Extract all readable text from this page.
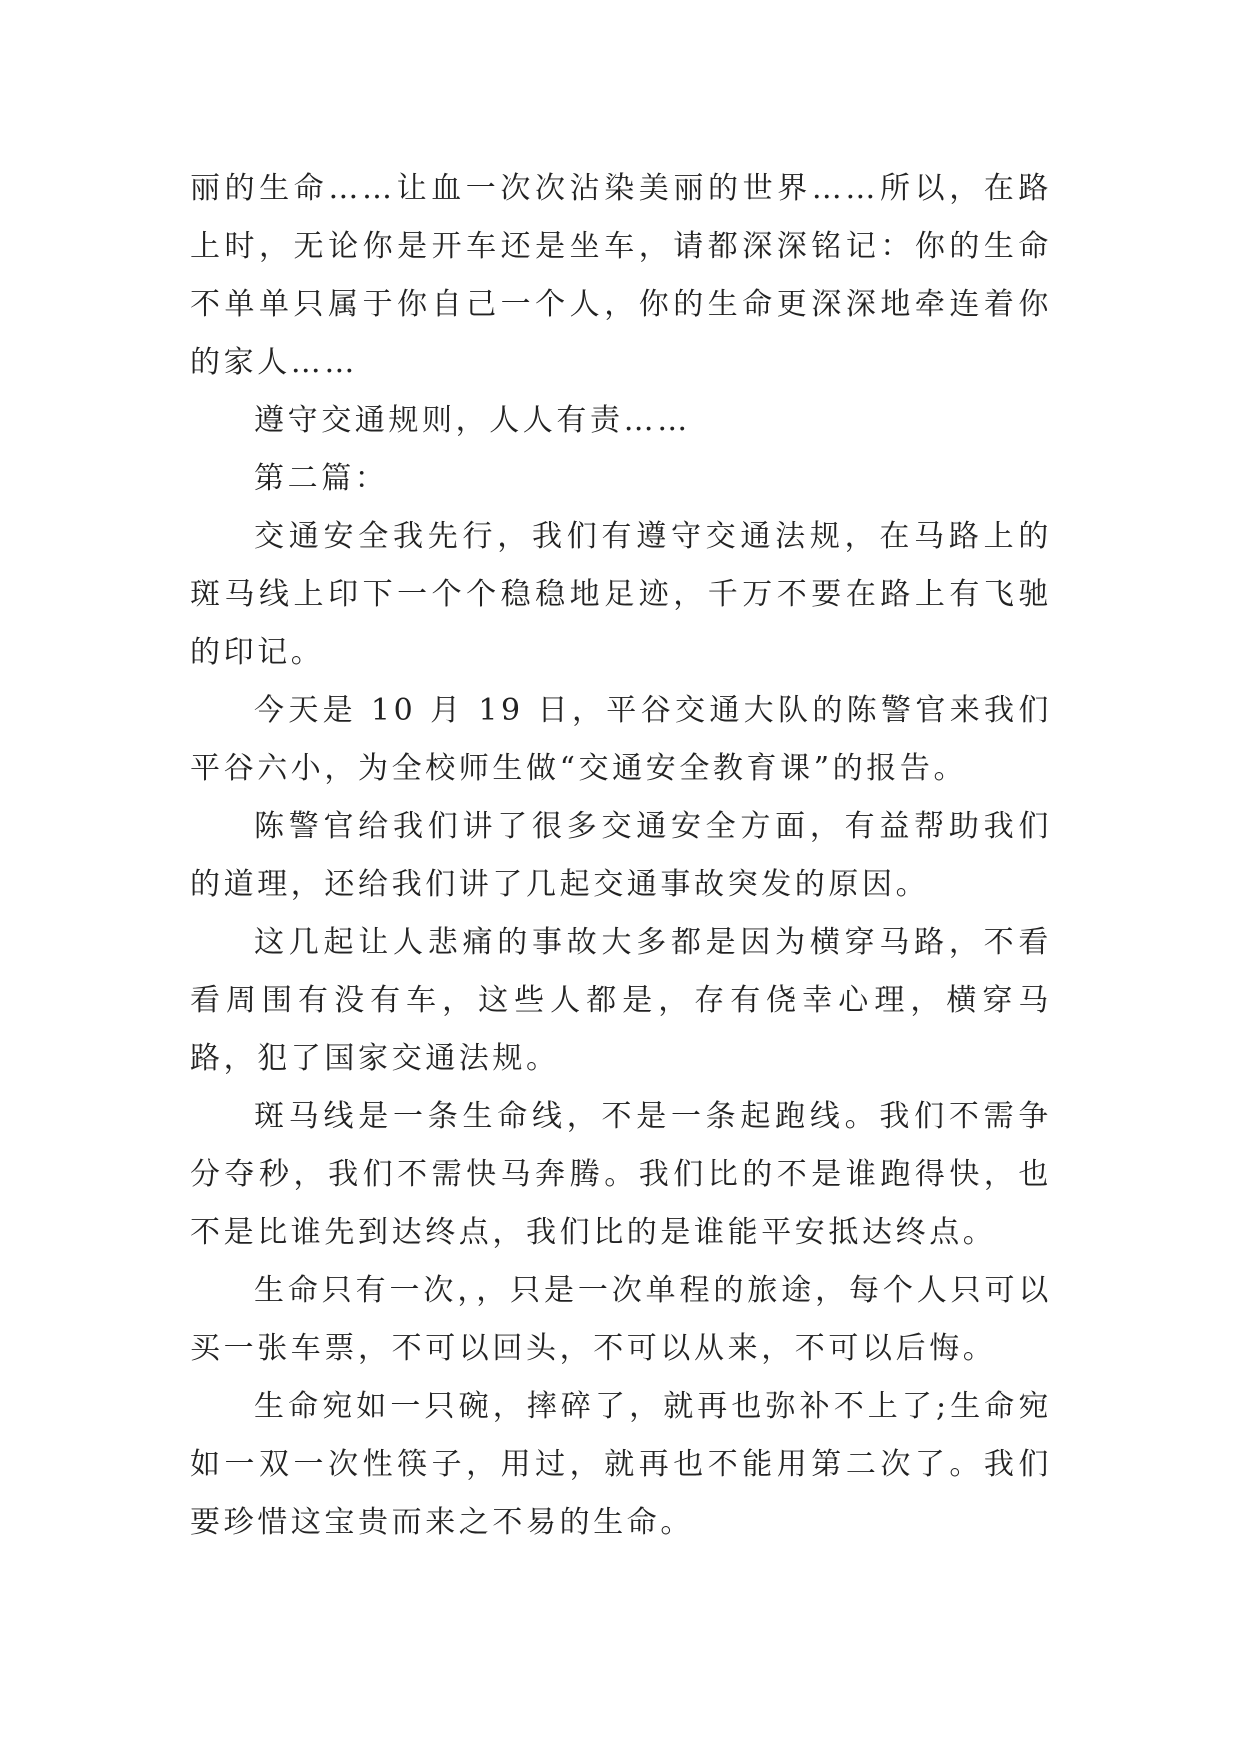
丽的生命……让血一次次沾染美丽的世界……所以，在路上时，无论你是开车还是坐车，请都深深铭记：你的生命不单单只属于你自己一个人，你的生命更深深地牵连着你的家人……

遵守交通规则，人人有责……

第二篇：

交通安全我先行，我们有遵守交通法规，在马路上的斑马线上印下一个个稳稳地足迹，千万不要在路上有飞驰的印记。

今天是 10 月 19 日，平谷交通大队的陈警官来我们平谷六小，为全校师生做“交通安全教育课”的报告。

陈警官给我们讲了很多交通安全方面，有益帮助我们的道理，还给我们讲了几起交通事故突发的原因。

这几起让人悲痛的事故大多都是因为横穿马路，不看看周围有没有车，这些人都是，存有侥幸心理，横穿马路，犯了国家交通法规。

斑马线是一条生命线，不是一条起跑线。我们不需争分夺秒，我们不需快马奔腾。我们比的不是谁跑得快，也不是比谁先到达终点，我们比的是谁能平安抵达终点。

生命只有一次，，只是一次单程的旅途，每个人只可以买一张车票，不可以回头，不可以从来，不可以后悔。

生命宛如一只碗，摔碎了，就再也弥补不上了;生命宛如一双一次性筷子，用过，就再也不能用第二次了。我们要珍惜这宝贵而来之不易的生命。
